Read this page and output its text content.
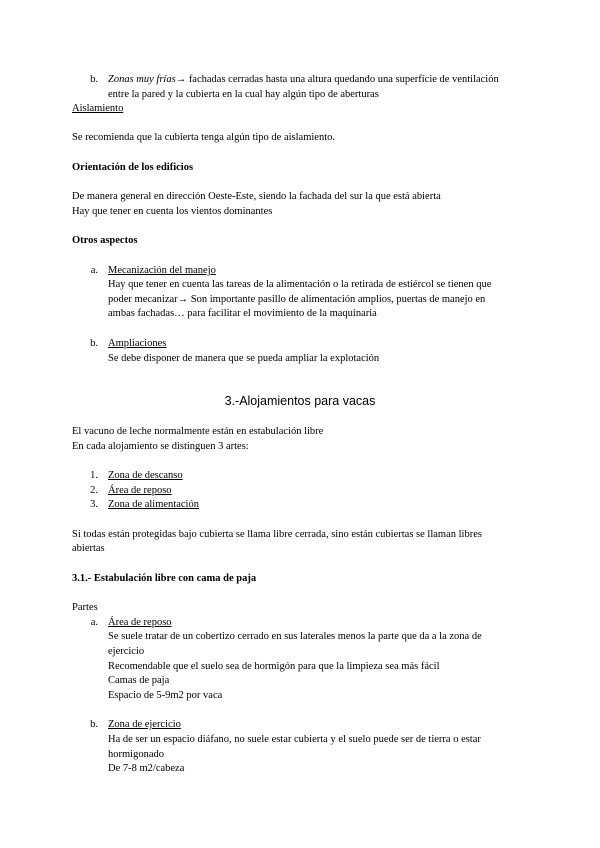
b. Zonas muy frías→ fachadas cerradas hasta una altura quedando una superficie de ventilación
entre la pared y la cubierta en la cual hay algún tipo de aberturas
Aislamiento
Se recomienda que la cubierta tenga algún tipo de aislamiento.
Orientación de los edificios
De manera general en dirección Oeste-Este, siendo la fachada del sur la que está abierta
Hay que tener en cuenta los vientos dominantes
Otros aspectos
a. Mecanización del manejo
Hay que tener en cuenta las tareas de la alimentación o la retirada de estiércol se tienen que
poder mecanizar→ Son importante pasillo de alimentación amplios, puertas de manejo en
ambas fachadas… para facilitar el movimiento de la maquinaria
b. Ampliaciones
Se debe disponer de manera que se pueda ampliar la explotación
3.-Alojamientos para vacas
El vacuno de leche normalmente están en estabulación libre
En cada alojamiento se distinguen 3 artes:
1. Zona de descanso
2. Área de reposo
3. Zona de alimentación
Si todas están protegidas bajo cubierta se llama libre cerrada, sino están cubiertas se llaman libres
abiertas
3.1.- Estabulación libre con cama de paja
Partes
a. Área de reposo
Se suele tratar de un cobertizo cerrado en sus laterales menos la parte que da a la zona de
ejercicio
Recomendable que el suelo sea de hormigón para que la limpieza sea más fácil
Camas de paja
Espacio de 5-9m2 por vaca
b. Zona de ejercicio
Ha de ser un espacio diáfano, no suele estar cubierta y el suelo puede ser de tierra o estar
hormigonado
De 7-8 m2/cabeza
